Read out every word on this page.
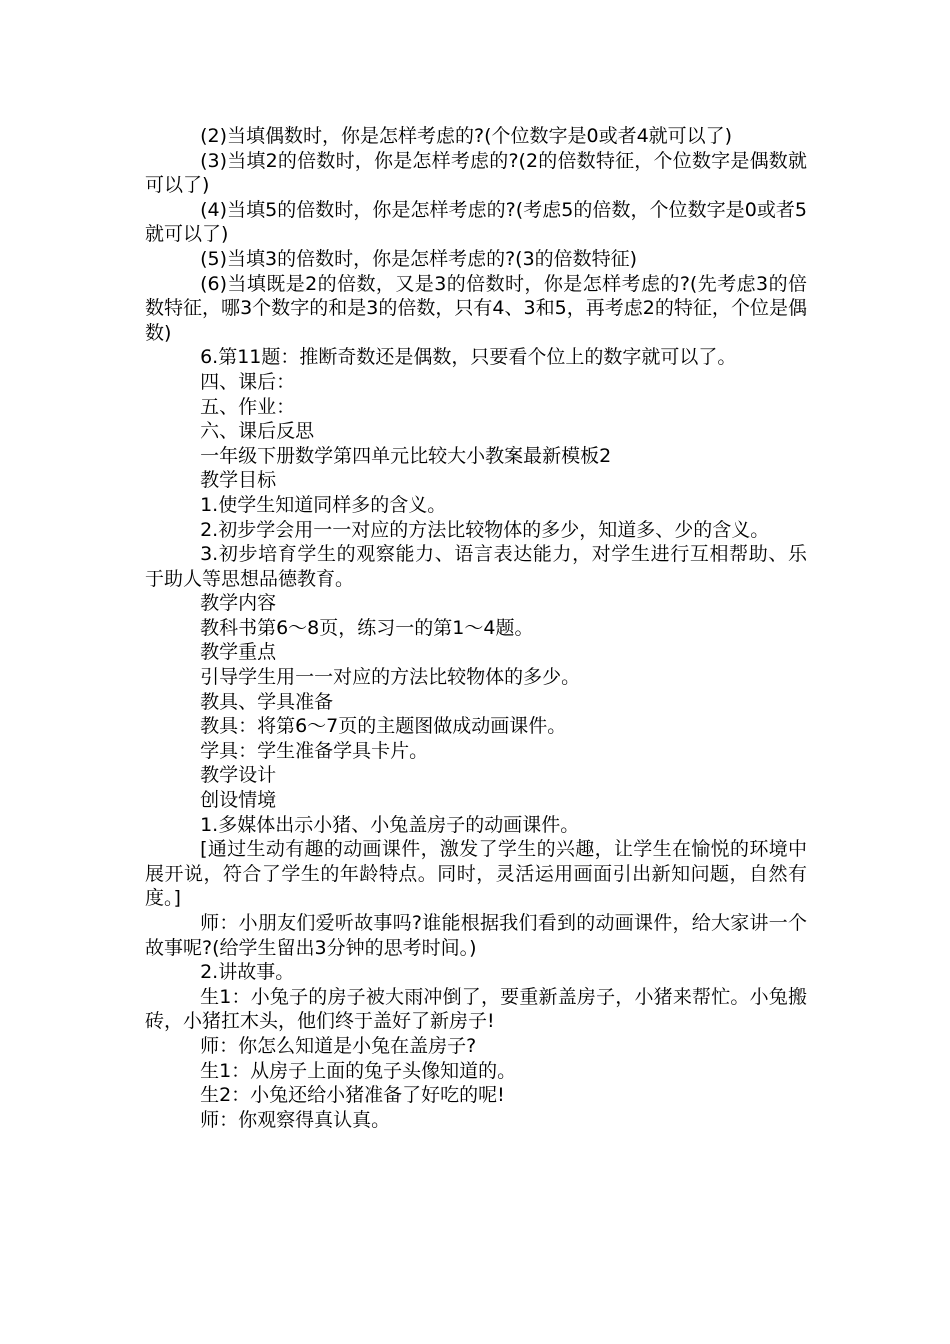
(2)当填偶数时，你是怎样考虑的?(个位数字是0或者4就可以了)

(3)当填2的倍数时，你是怎样考虑的?(2的倍数特征，个位数字是偶数就可以了)

(4)当填5的倍数时，你是怎样考虑的?(考虑5的倍数，个位数字是0或者5就可以了)

(5)当填3的倍数时，你是怎样考虑的?(3的倍数特征)

(6)当填既是2的倍数，又是3的倍数时，你是怎样考虑的?(先考虑3的倍数特征，哪3个数字的和是3的倍数，只有4、3和5，再考虑2的特征，个位是偶数)

6.第11题：推断奇数还是偶数，只要看个位上的数字就可以了。

四、课后：

五、作业：

六、课后反思

一年级下册数学第四单元比较大小教案最新模板2

教学目标

1.使学生知道同样多的含义。

2.初步学会用一一对应的方法比较物体的多少，知道多、少的含义。

3.初步培育学生的观察能力、语言表达能力，对学生进行互相帮助、乐于助人等思想品德教育。

教学内容

教科书第6～8页，练习一的第1～4题。

教学重点

引导学生用一一对应的方法比较物体的多少。

教具、学具准备

教具：将第6～7页的主题图做成动画课件。

学具：学生准备学具卡片。

教学设计

创设情境

1.多媒体出示小猪、小兔盖房子的动画课件。

[通过生动有趣的动画课件，激发了学生的兴趣，让学生在愉悦的环境中展开说，符合了学生的年龄特点。同时，灵活运用画面引出新知问题，自然有度。]

师：小朋友们爱听故事吗?谁能根据我们看到的动画课件，给大家讲一个故事呢?(给学生留出3分钟的思考时间。)

2.讲故事。

生1：小兔子的房子被大雨冲倒了，要重新盖房子，小猪来帮忙。小兔搬砖，小猪扛木头，他们终于盖好了新房子!

师：你怎么知道是小兔在盖房子?

生1：从房子上面的兔子头像知道的。

生2：小兔还给小猪准备了好吃的呢!

师：你观察得真认真。
